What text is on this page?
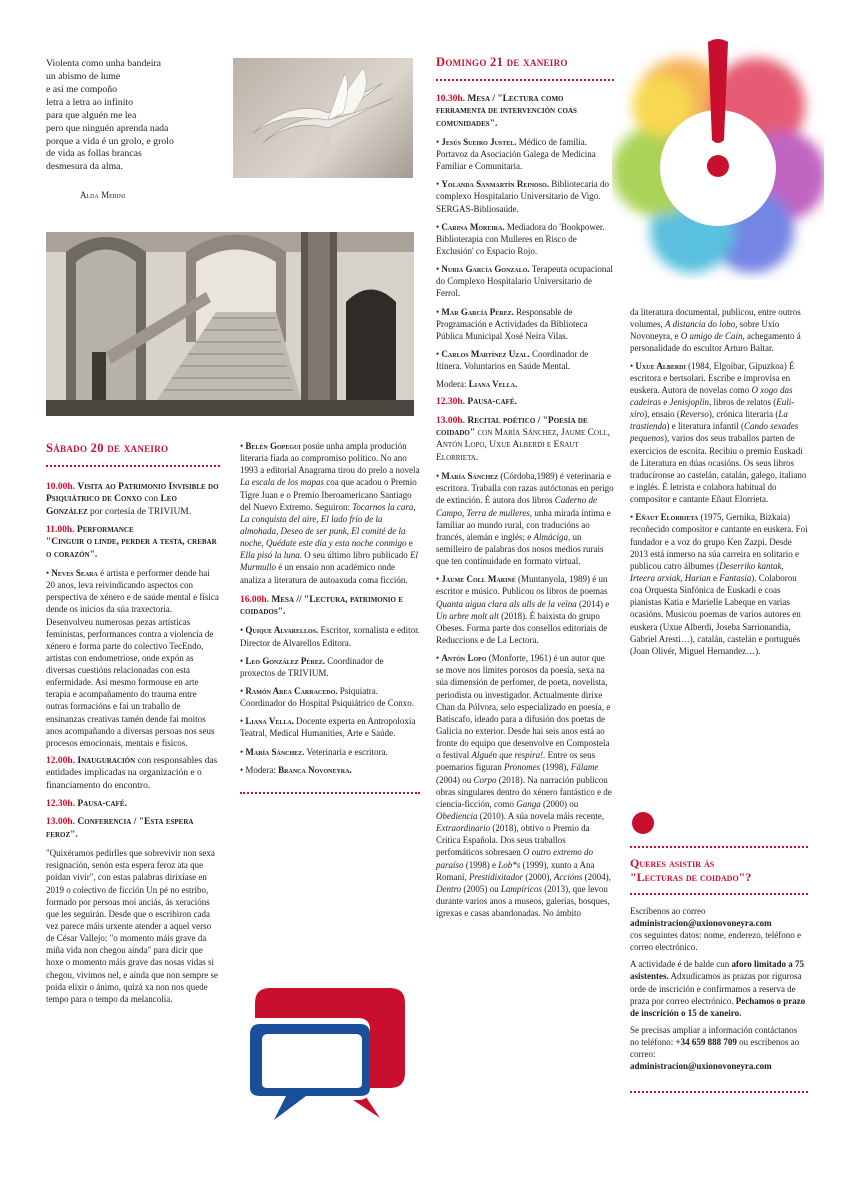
Violenta como unha bandeira
un abismo de lume
e así me compoño
letra a letra ao infinito
para que alguén me lea
pero que ninguén aprenda nada
porque a vida é un grolo, e grolo
de vida as follas brancas
desmesura da alma.
Alda Merini
Sábado 20 de xaneiro
10.00h. Visita ao Patrimonio Invisible do Psiquiátrico de Conxo con Leo González por cortesía de TRIVIUM.
11.00h. Performance
"Cinguir o linde, perder a testa, crebar o corazón".

• Neves Seara é artista e performer dende hai 20 anos, leva reivindicando aspectos con perspectiva de xénero e de saúde mental e física dende os inicios da súa traxectoria. Desenvolveu numerosas pezas artísticas feministas, performances contra a violencia de xénero e forma parte do colectivo TecEndo, artistas con endometriose, onde expón as diversas cuestións relacionadas con esta enfermidade. Así mesmo formouse en arte terapia e acompañamento do trauma entre outras formacións e fai un traballo de ensinanzas creativas tamén dende fai moitos anos acompañando a diversas persoas nos seus procesos emocionais, mentais e físicos.

12.00h. Inauguración con responsables das entidades implicadas na organización e o financiamento do encontro.
12.30h. Pausa-café.
13.00h. Conferencia / "Esta espera feroz".

"Quixéramos pedirlles que sobrevivir non sexa resignación, senón esta espera feroz ata que poidan vivir", con estas palabras dirixíase en 2019 o colectivo de ficción Un pé no estribo, formado por persoas moi anciás, ás xeracións que les seguirán. Desde que o escribiron cada vez parece máis urxente atender a aquel verso de César Vallejo: "o momento máis grave da miña vida non chegou aínda" para dicir que hoxe o momento máis grave das nosas vidas si chegou, vivimos nel, e aínda que non sempre se poida elixir o ánimo, quizá xa non nos quede tempo para o tempo da melancolía.

• Belén Gopegui posúe unha ampla produción literaria fiada ao compromiso político. No ano 1993 a editorial Anagrama tirou do prelo a novela La escala de los mapas coa que acadou o Premio Tigre Juan e o Premio Iberoamericano Santiago del Nuevo Extremo. Seguiron: Tocarnos la cara, La conquista del aire, El lado frío de la almohada, Deseo de ser punk, El comité de la noche, Quédate este día y esta noche conmigo e Ella pisó la luna. O seu último libro publicado El Murmullo é un ensaio non académico onde analiza a literatura de autoaxuda coma ficción.

16.00h. Mesa // "Lectura, patrimonio e coidados".

• Quique Alvarellos. Escritor, xornalista e editor. Director de Alvarellos Editora.

• Leo González Pérez. Coordinador de proxectos de TRIVIUM.

• Ramón Area Carracedo. Psiquiatra. Coordinador do Hospital Psiquiátrico de Conxo.

• Liana Vella. Docente experta en Antropoloxía Teatral, Medical Humanities, Arte e Saúde.

• María Sánchez. Veterinaria e escritora.

• Modera: Branca Novoneyra.

Domingo 21 de xaneiro
10.30h. Mesa / "Lectura como ferramenta de intervención coas comunidades".

• Jesús Sueiro Justel. Médico de familia. Portavoz da Asociación Galega de Medicina Familiar e Comunitaria.

• Yolanda Sanmartín Reinoso. Bibliotecaria do complexo Hospitalario Universitario de Vigo. SERGAS-Bibliosaúde.

• Carina Moreira. Mediadora do 'Bookpower. Biblioterapia con Mulleres en Risco de Exclusión' co Espacio Rojo.

• Nuria García Gonzalo. Terapeuta ocupacional do Complexo Hospitalario Universitario de Ferrol.

• Mar García Pérez. Responsable de Programación e Actividades da Biblioteca Pública Municipal Xosé Neira Vilas.

• Carlos Martínez Uzal. Coordinador de Itínera. Voluntarios en Saúde Mental.

Modera: Liana Vella.

12.30h. Pausa-café.
13.00h. Recital poético / "Poesía de coidado" con María Sánchez, Jaume Coll, Antón Lopo, Uxue Alberdi e Eñaut Elorrieta.

• María Sánchez (Córdoba,1989) é veterinaria e escritora. Traballa con razas autóctonas en perigo de extinción. É autora dos libros Caderno de Campo, Terra de mulleres, unha mirada íntima e familiar ao mundo rural, con traducións ao francés, alemán e inglés; e Almáciga, un semilleiro de palabras dos nosos medios rurais que ten continuidade en formato virtual.

• Jaume Coll Mariné (Muntanyola, 1989) é un escritor e músico. Publicou os libros de poemas Quanta aigua clara als ulls de la veïna (2014) e Un arbre molt alt (2018). É baixista do grupo Obeses. Forma parte dos consellos editoriais de Reduccions e de La Lectora.

• Antón Lopo (Monforte, 1961) é un autor que se move nos límites porosos da poesía, sexa na súa dimensión de perfomer, de poeta, novelista, periodista ou investigador. Actualmente dirixe Chan da Pólvora, selo especializado en poesía, e Batiscafo, ideado para a difusión dos poetas de Galicia no exterior. Desde hai seis anos está ao fronte do equipo que desenvolve en Compostela o festival Alguén que respira!. Entre os seus poemarios figuran Pronomes (1998), Fálame (2004) ou Corpo (2018). Na narración publicou obras singulares dentro do xénero fantástico e de ciencia-ficción, como Ganga (2000) ou Obediencia (2010). A súa novela máis recente, Extraordinario (2018), obtivo o Premio da Crítica Española. Dos seus traballos perfomáticos sobresaen O outro extremo do paraíso (1998) e Lob*s (1999), xunto a Ana Romaní, Prestidixitador (2000), Accións (2004), Dentro (2005) ou Lampíricos (2013), que levou durante varios anos a museos, galerías, bosques, igrexas e casas abandonadas. No ámbito

da literatura documental, publicou, entre outros volumes, A distancia do lobo, sobre Uxío Novoneyra, e O amigo de Caín, achegamento á personalidade do escultor Arturo Baltar.

• Uxue Alberdi (1984, Elgoibar, Gipuzkoa) É escritora e bertsolari. Escribe e improvisa en euskera. Autora de novelas como O xogo das cadeiras e Jenisjoplin, libros de relatos (Euli-xiro), ensaio (Reverso), crónica literaria (La trastienda) e literatura infantil (Cando sexades pequenos), varios dos seus traballos parten de exercicios de escoita. Recibiu o premio Euskadi de Literatura en dúas ocasións. Os seus libros traducíronse ao castelán, catalán, galego, italiano e inglés. É letrista e colabora habitual do compositor e cantante Eñaut Elorrieta.

• Eñaut Elorrieta (1975, Gernika, Bizkaia) recoñecido compositor e cantante en euskera. Foi fundador e a voz do grupo Ken Zazpi. Desde 2013 está inmerso na súa carreira en solitario e publicou catro álbumes (Deserriko kantak, Irteera arxiak, Harian e Fantasía). Colaborou coa Orquesta Sinfónica de Euskadi e coas pianistas Katia e Marielle Labeque en varias ocasións. Musicou poemas de varios autores en euskera (Uxue Alberdi, Joseba Sarrionandia, Gabriel Aresti…), catalán, castelán e portugués (Joan Olivér, Miguel Hernandez…).

Queres asistir ás
"Lecturas de coidado"?

Escríbenos ao correo
administracion@uxionovoneyra.com
cos seguintes datos: nome, enderezo, teléfono e correo electrónico.

A actividade é de balde cun aforo limitado a 75 asistentes. Adxudicamos as prazas por rigurosa orde de inscrición e confirmamos a reserva de praza por correo electrónico. Pechamos o prazo de inscrición o 15 de xaneiro.

Se precisas ampliar a información contáctanos no teléfono: +34 659 888 709 ou escríbenos ao correo:
administracion@uxionovoneyra.com
